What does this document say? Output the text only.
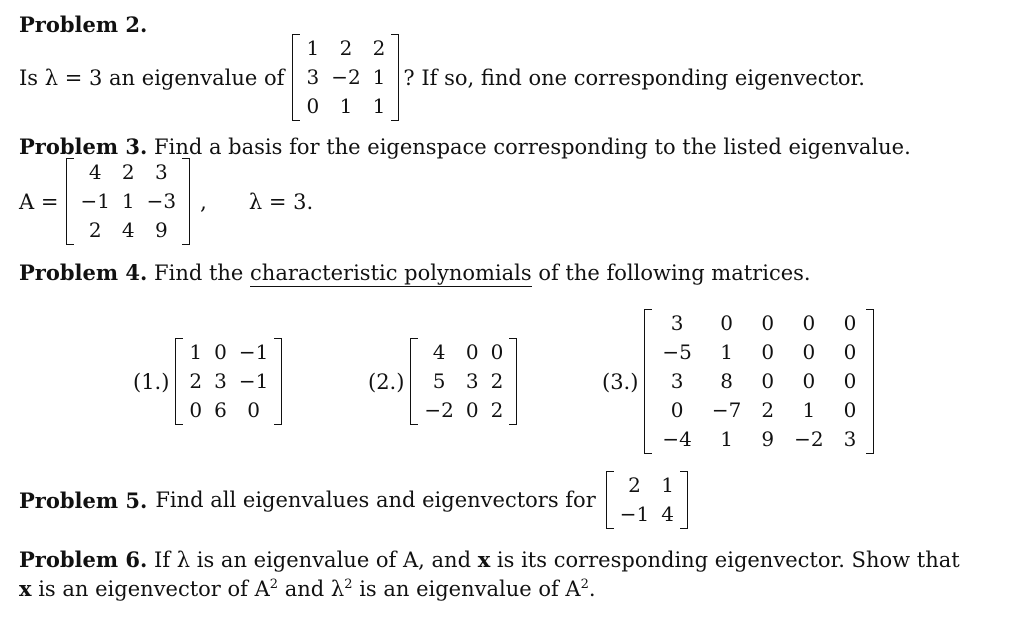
Problem 2.
Is λ = 3 an eigenvalue of
1	2	2
3	−2	1
0	1	1
? If so, find one corresponding eigenvector.
Problem 3. Find a basis for the eigenspace corresponding to the listed eigenvalue.
A =
4	2	3
−1	1	−3
2	4	9
, λ = 3.
Problem 4. Find the characteristic polynomials of the following matrices.
(1.)
1	0	−1
2	3	−1
0	6	0
(2.)
4	0	0
5	3	2
−2	0	2
(3.)
3	0	0	0	0
−5	1	0	0	0
3	8	0	0	0
0	−7	2	1	0
−4	1	9	−2	3
Problem 5. Find all eigenvalues and eigenvectors for
2	1
−1	4
Problem 6. If λ is an eigenvalue of A, and x is its corresponding eigenvector. Show that
x is an eigenvector of $A^2$ and $\lambda^2$ is an eigenvalue of $A^2$.
